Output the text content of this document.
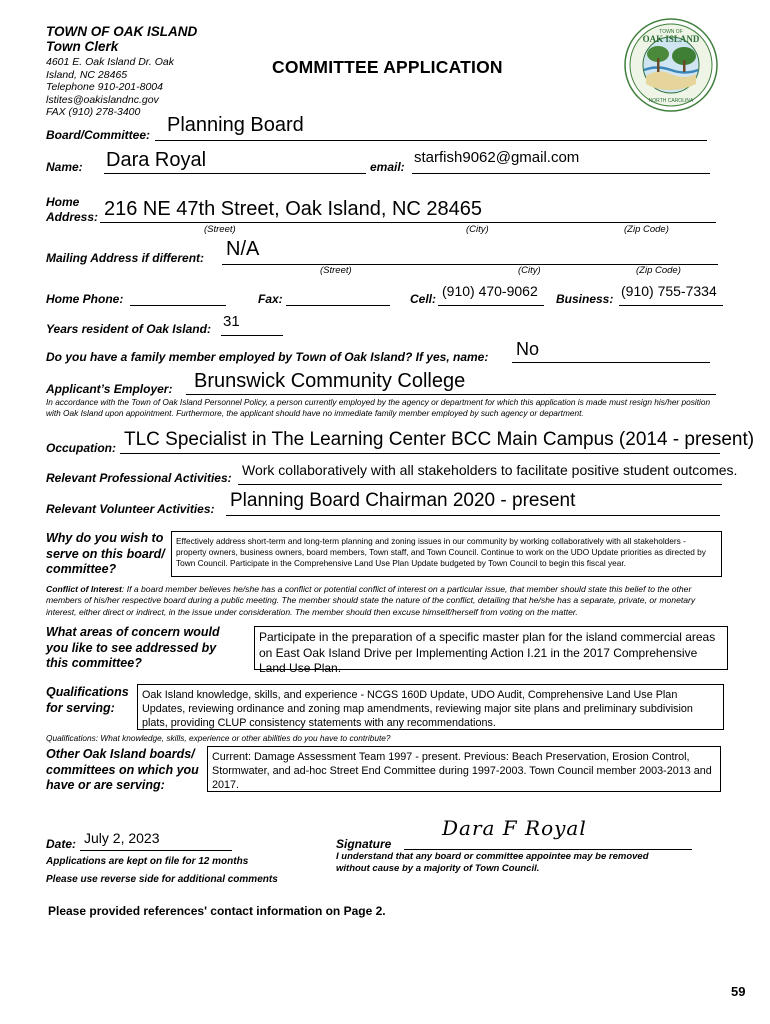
TOWN OF OAK ISLAND
Town Clerk
4601 E. Oak Island Dr. Oak
Island, NC 28465
Telephone 910-201-8004
lstites@oakislandnc.gov
FAX (910) 278-3400
COMMITTEE APPLICATION
TOWN OF
OAK ISLAND
NORTH CAROLINA
Board/Committee: Planning Board
Name: Dara Royal	email:
starfish9062@gmail.com
Home
Address: 216 NE 47th Street, Oak Island, NC 28465
(Street)	(City)	(Zip Code)
Mailing Address if different: N/A
(Street)	(City)	(Zip Code)
Home Phone:	Fax:	Cell: (910) 470-9062 Business: (910) 755-7334
Years resident of Oak Island: 31
Do you have a family member employed by Town of Oak Island? If yes, name: No
Applicant’s Employer: Brunswick Community College
In accordance with the Town of Oak Island Personnel Policy, a person currently employed by the agency or department for which this application is made must resign his/her position with Oak Island upon appointment. Furthermore, the applicant should have no immediate family member employed by such agency or department.
Occupation: TLC Specialist in The Learning Center BCC Main Campus (2014 - present)
Relevant Professional Activities: Work collaboratively with all stakeholders to facilitate positive student outcomes.
Relevant Volunteer Activities: Planning Board Chairman 2020 - present
Why do you wish to
serve on this board/
committee?
Effectively address short-term and long-term planning and zoning issues in our community by working collaboratively with all stakeholders - property owners, business owners, board members, Town staff, and Town Council. Continue to work on the UDO Update priorities as directed by Town Council. Participate in the Comprehensive Land Use Plan Update budgeted by Town Council to begin this fiscal year.
Conflict of Interest: If a board member believes he/she has a conflict or potential conflict of interest on a particular issue, that member should state this belief to the other members of his/her respective board during a public meeting. The member should state the nature of the conflict, detailing that he/she has a separate, private, or monetary interest, either direct or indirect, in the issue under consideration. The member should then excuse himself/herself from voting on the matter.
What areas of concern would
you like to see addressed by
this committee?
Participate in the preparation of a specific master plan for the island commercial areas on East Oak Island Drive per Implementing Action I.21 in the 2017 Comprehensive Land Use Plan.
Qualifications
for serving:
Oak Island knowledge, skills, and experience - NCGS 160D Update, UDO Audit, Comprehensive Land Use Plan Updates, reviewing ordinance and zoning map amendments, reviewing major site plans and preliminary subdivision plats, providing CLUP consistency statements with any recommendations.
Qualifications: What knowledge, skills, experience or other abilities do you have to contribute?
Other Oak Island boards/
committees on which you
have or are serving:
Current: Damage Assessment Team 1997 - present. Previous: Beach Preservation, Erosion Control, Stormwater, and ad-hoc Street End Committee during 1997-2003. Town Council member 2003-2013 and 2017.
Date: July 2, 2023
Applications are kept on file for 12 months
Please use reverse side for additional comments
Signature
Dara F Royal
I understand that any board or committee appointee may be removed
without cause by a majority of Town Council.
Please provided references' contact information on Page 2.
59
